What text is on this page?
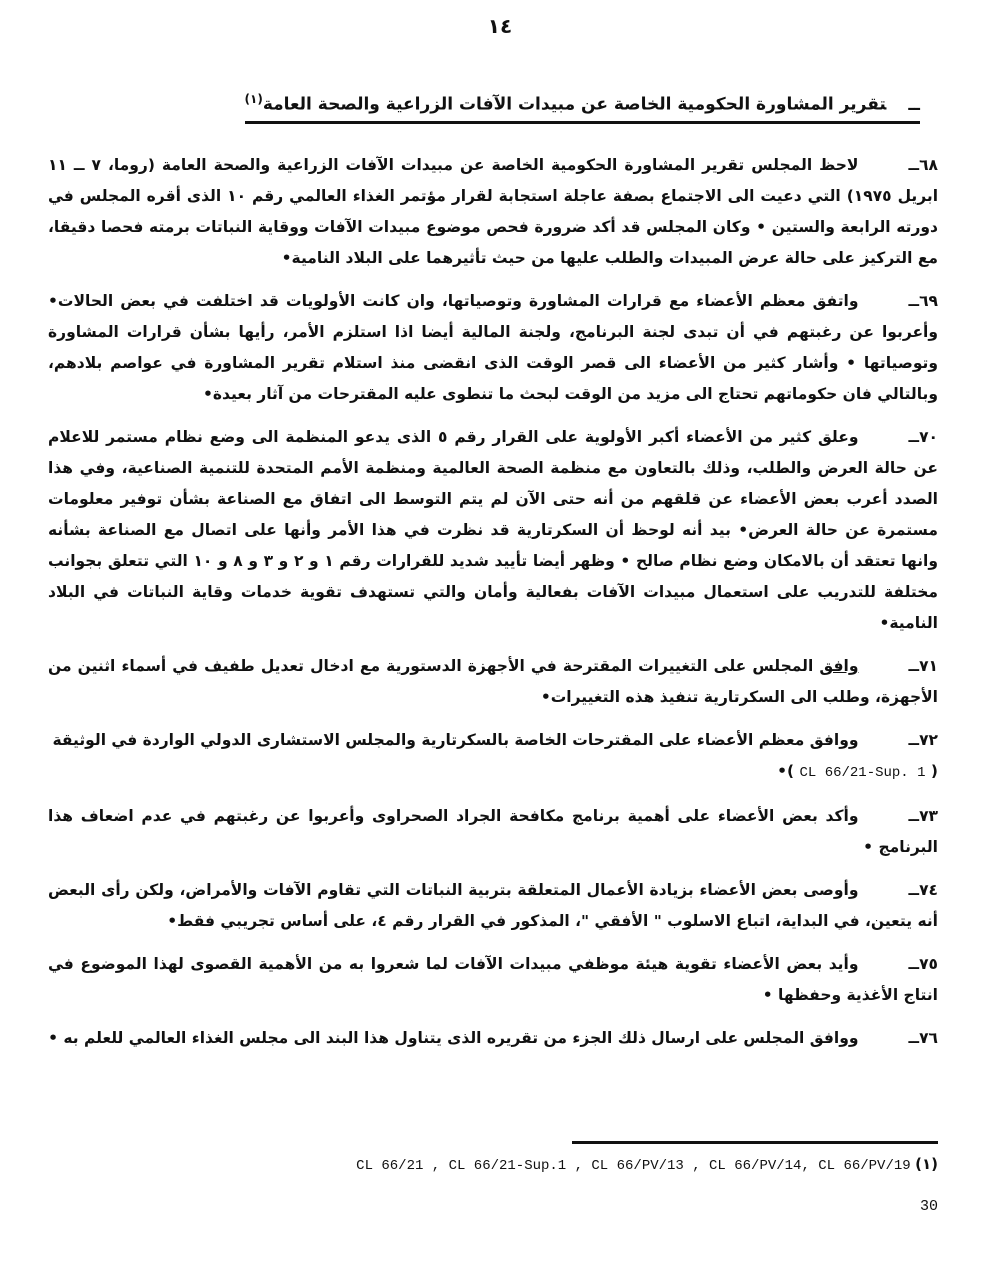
١٤
ــتقرير المشاورة الحكومية الخاصة عن مبيدات الآفات الزراعية والصحة العامة$^{(١)}$

٦٨ــلاحظ المجلس تقرير المشاورة الحكومية الخاصة عن مبيدات الآفات الزراعية والصحة العامة (روما، ٧ ــ ١١ ابريل ١٩٧٥) التي دعيت الى الاجتماع بصفة عاجلة استجابة لقرار مؤتمر الغذاء العالمي رقم ١٠ الذى أقره المجلس في دورته الرابعة والستين • وكان المجلس قد أكد ضرورة فحص موضوع مبيدات الآفات ووقاية النباتات برمته فحصا دقيقا، مع التركيز على حالة عرض المبيدات والطلب عليها من حيث تأثيرهما على البلاد النامية•

٦٩ــواتفق معظم الأعضاء مع قرارات المشاورة وتوصياتها، وان كانت الأولويات قد اختلفت في بعض الحالات• وأعربوا عن رغبتهم في أن تبدى لجنة البرنامج، ولجنة المالية أيضا اذا استلزم الأمر، رأيها بشأن قرارات المشاورة وتوصياتها • وأشار كثير من الأعضاء الى قصر الوقت الذى انقضى منذ استلام تقرير المشاورة في عواصم بلادهم، وبالتالي فان حكوماتهم تحتاج الى مزيد من الوقت لبحث ما تنطوى عليه المقترحات من آثار بعيدة•

٧٠ــوعلق كثير من الأعضاء أكبر الأولوية على القرار رقم ٥ الذى يدعو المنظمة الى وضع نظام مستمر للاعلام عن حالة العرض والطلب، وذلك بالتعاون مع منظمة الصحة العالمية ومنظمة الأمم المتحدة للتنمية الصناعية، وفي هذا الصدد أعرب بعض الأعضاء عن قلقهم من أنه حتى الآن لم يتم التوسط الى اتفاق مع الصناعة بشأن توفير معلومات مستمرة عن حالة العرض• بيد أنه لوحظ أن السكرتارية قد نظرت في هذا الأمر وأنها على اتصال مع الصناعة بشأنه وانها تعتقد أن بالامكان وضع نظام صالح • وظهر أيضا تأييد شديد للقرارات رقم ١ و ٢ و ٣ و ٨ و ١٠ التي تتعلق بجوانب مختلفة للتدريب على استعمال مبيدات الآفات بفعالية وأمان والتي تستهدف تقوية خدمات وقاية النباتات في البلاد النامية•

٧١ــوافق المجلس على التغييرات المقترحة في الأجهزة الدستورية مع ادخال تعديل طفيف في أسماء اثنين من الأجهزة، وطلب الى السكرتارية تنفيذ هذه التغييرات•

٧٢ــووافق معظم الأعضاء على المقترحات الخاصة بالسكرتارية والمجلس الاستشارى الدولي الواردة في الوثيقة
( CL 66/21-Sup. 1 )•

٧٣ــوأكد بعض الأعضاء على أهمية برنامج مكافحة الجراد الصحراوى وأعربوا عن رغبتهم في عدم اضعاف هذا البرنامج •

٧٤ــوأوصى بعض الأعضاء بزيادة الأعمال المتعلقة بتربية النباتات التي تقاوم الآفات والأمراض، ولكن رأى البعض أنه يتعين، في البداية، اتباع الاسلوب " الأفقي "، المذكور في القرار رقم ٤، على أساس تجريبي فقط•

٧٥ــوأيد بعض الأعضاء تقوية هيئة موظفي مبيدات الآفات لما شعروا به من الأهمية القصوى لهذا الموضوع في انتاج الأغذية وحفظها •

٧٦ــووافق المجلس على ارسال ذلك الجزء من تقريره الذى يتناول هذا البند الى مجلس الغذاء العالمي للعلم به •

(١) CL 66/21 , CL 66/21-Sup.1 , CL 66/PV/13 , CL 66/PV/14, CL 66/PV/19
30
